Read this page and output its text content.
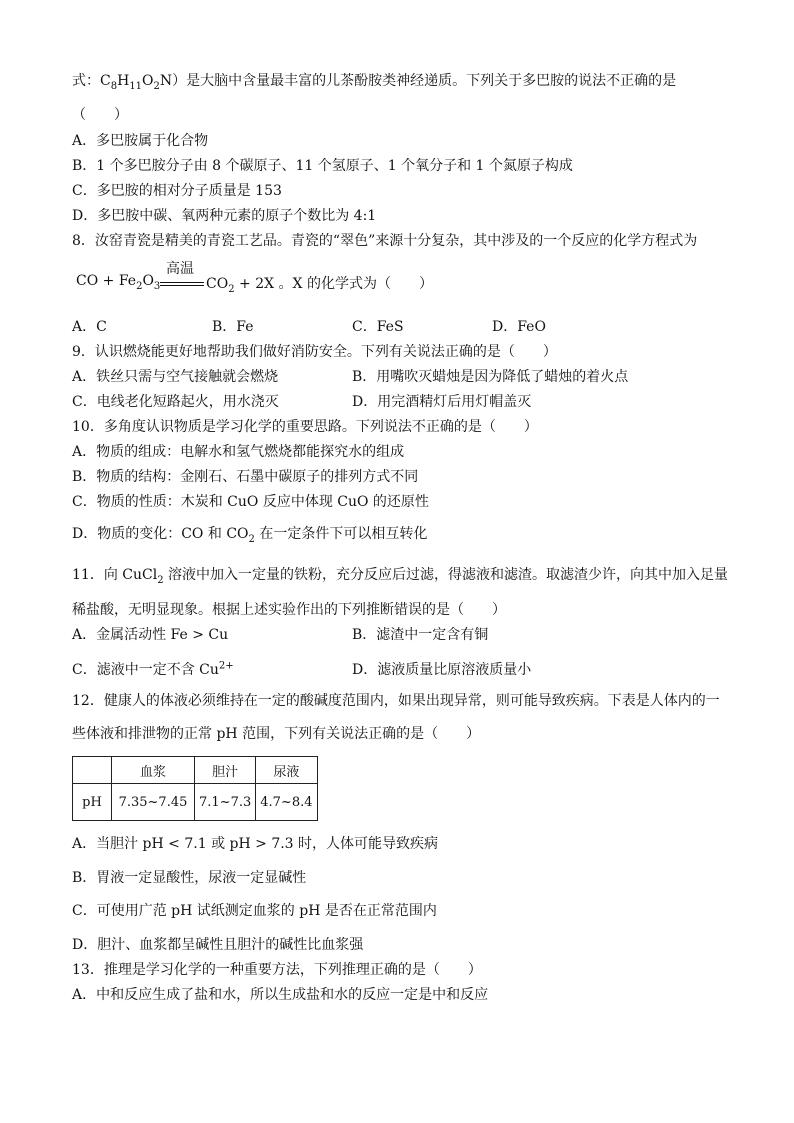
式：$C_8H_{11}O_2N$）是大脑中含量最丰富的儿茶酚胺类神经递质。下列关于多巴胺的说法不正确的是
（　　）
A．多巴胺属于化合物
B．1 个多巴胺分子由 8 个碳原子、11 个氢原子、1 个氧分子和 1 个氮原子构成
C．多巴胺的相对分子质量是 153
D．多巴胺中碳、氧两种元素的原子个数比为 4:1
8．汝窑青瓷是精美的青瓷工艺品。青瓷的“翠色”来源十分复杂，其中涉及的一个反应的化学方程式为
CO + $Fe_2O_3$
高温
$CO_2 + 2X$ 。X 的化学式为（　　）
A．C	B．Fe	C．FeS	D．FeO
9．认识燃烧能更好地帮助我们做好消防安全。下列有关说法正确的是（　　）
A．铁丝只需与空气接触就会燃烧	B．用嘴吹灭蜡烛是因为降低了蜡烛的着火点
C．电线老化短路起火，用水浇灭	D．用完酒精灯后用灯帽盖灭
10．多角度认识物质是学习化学的重要思路。下列说法不正确的是（　　）
A．物质的组成：电解水和氢气燃烧都能探究水的组成
B．物质的结构：金刚石、石墨中碳原子的排列方式不同
C．物质的性质：木炭和 CuO 反应中体现 CuO 的还原性
D．物质的变化：CO 和 $CO_2$ 在一定条件下可以相互转化
11．向 CuCl$_2$ 溶液中加入一定量的铁粉，充分反应后过滤，得滤液和滤渣。取滤渣少许，向其中加入足量
稀盐酸，无明显现象。根据上述实验作出的下列推断错误的是（　　）
A．金属活动性 Fe > Cu	B．滤渣中一定含有铜
C．滤液中一定不含 $Cu^{2+}$	D．滤液质量比原溶液质量小
12．健康人的体液必须维持在一定的酸碱度范围内，如果出现异常，则可能导致疾病。下表是人体内的一
些体液和排泄物的正常 pH 范围，下列有关说法正确的是（　　）
	血浆	胆汁	尿液
pH	7.35~7.45	7.1~7.3	4.7~8.4
A．当胆汁 pH < 7.1 或 pH > 7.3 时，人体可能导致疾病
B．胃液一定显酸性，尿液一定显碱性
C．可使用广范 pH 试纸测定血浆的 pH 是否在正常范围内
D．胆汁、血浆都呈碱性且胆汁的碱性比血浆强
13．推理是学习化学的一种重要方法，下列推理正确的是（　　）
A．中和反应生成了盐和水，所以生成盐和水的反应一定是中和反应
